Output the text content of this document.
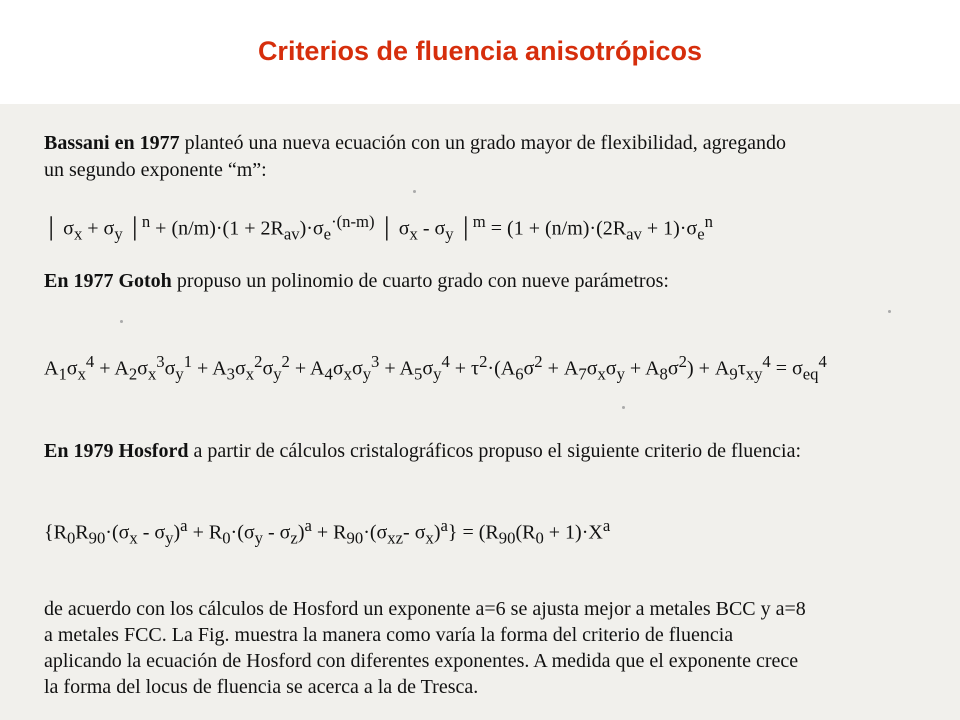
Criterios de fluencia anisotrópicos
Bassani en 1977 planteó una nueva ecuación con un grado mayor de flexibilidad, agregando
un segundo exponente “m”:
│ $\sigma_x + \sigma_y$ │$^n$ + $(n/m)\cdot(1 + 2R_{av})\cdot\sigma_e^{\cdot(n-m)}$ │ $\sigma_x - \sigma_y$ │$^m$ = ($1 + (n/m)\cdot(2R_{av} + 1)\cdot\sigma_e^n$
En 1977 Gotoh propuso un polinomio de cuarto grado con nueve parámetros:
$A_1\sigma_x^4 + A_2\sigma_x^3\sigma_y^1 + A_3\sigma_x^2\sigma_y^2 + A_4\sigma_x\sigma_y^3 + A_5\sigma_y^4 + \tau^2\cdot(A_6\sigma^2 + A_7\sigma_x\sigma_y + A_8\sigma^2) + A_9\tau_{xy}^4 = \sigma_{eq}^4$
En 1979 Hosford a partir de cálculos cristalográficos propuso el siguiente criterio de fluencia:
{$R_0R_{90}\cdot(\sigma_x - \sigma_y)^a + R_0\cdot(\sigma_y - \sigma_z)^a + R_{90}\cdot(\sigma_{xz}-$ $\sigma_x)^a\} = (R_{90}(R_0 + 1)\cdot X^a$
de acuerdo con los cálculos de Hosford un exponente a=6 se ajusta mejor a metales BCC y a=8
a metales FCC. La Fig. muestra la manera como varía la forma del criterio de fluencia
aplicando la ecuación de Hosford con diferentes exponentes. A medida que el exponente crece
la forma del locus de fluencia se acerca a la de Tresca.
